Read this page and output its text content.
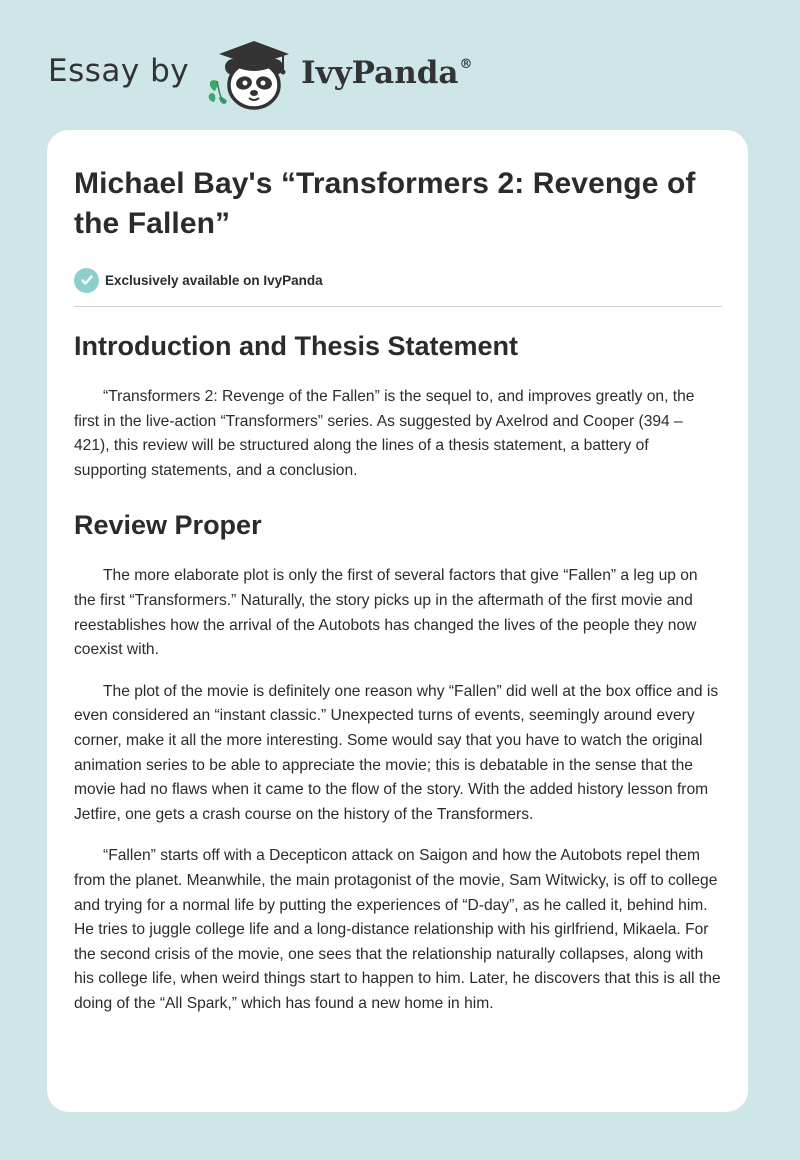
Essay by	IvyPanda®
Michael Bay's “Transformers 2: Revenge of the Fallen”
Exclusively available on IvyPanda
Introduction and Thesis Statement

“Transformers 2: Revenge of the Fallen” is the sequel to, and improves greatly on, the first in the live-action “Transformers” series. As suggested by Axelrod and Cooper (394 – 421), this review will be structured along the lines of a thesis statement, a battery of supporting statements, and a conclusion.

Review Proper

The more elaborate plot is only the first of several factors that give “Fallen” a leg up on the first “Transformers.” Naturally, the story picks up in the aftermath of the first movie and reestablishes how the arrival of the Autobots has changed the lives of the people they now coexist with.

The plot of the movie is definitely one reason why “Fallen” did well at the box office and is even considered an “instant classic.” Unexpected turns of events, seemingly around every corner, make it all the more interesting. Some would say that you have to watch the original animation series to be able to appreciate the movie; this is debatable in the sense that the movie had no flaws when it came to the flow of the story. With the added history lesson from Jetfire, one gets a crash course on the history of the Transformers.

“Fallen” starts off with a Decepticon attack on Saigon and how the Autobots repel them from the planet. Meanwhile, the main protagonist of the movie, Sam Witwicky, is off to college and trying for a normal life by putting the experiences of “D-day”, as he called it, behind him. He tries to juggle college life and a long-distance relationship with his girlfriend, Mikaela. For the second crisis of the movie, one sees that the relationship naturally collapses, along with his college life, when weird things start to happen to him. Later, he discovers that this is all the doing of the “All Spark,” which has found a new home in him.
